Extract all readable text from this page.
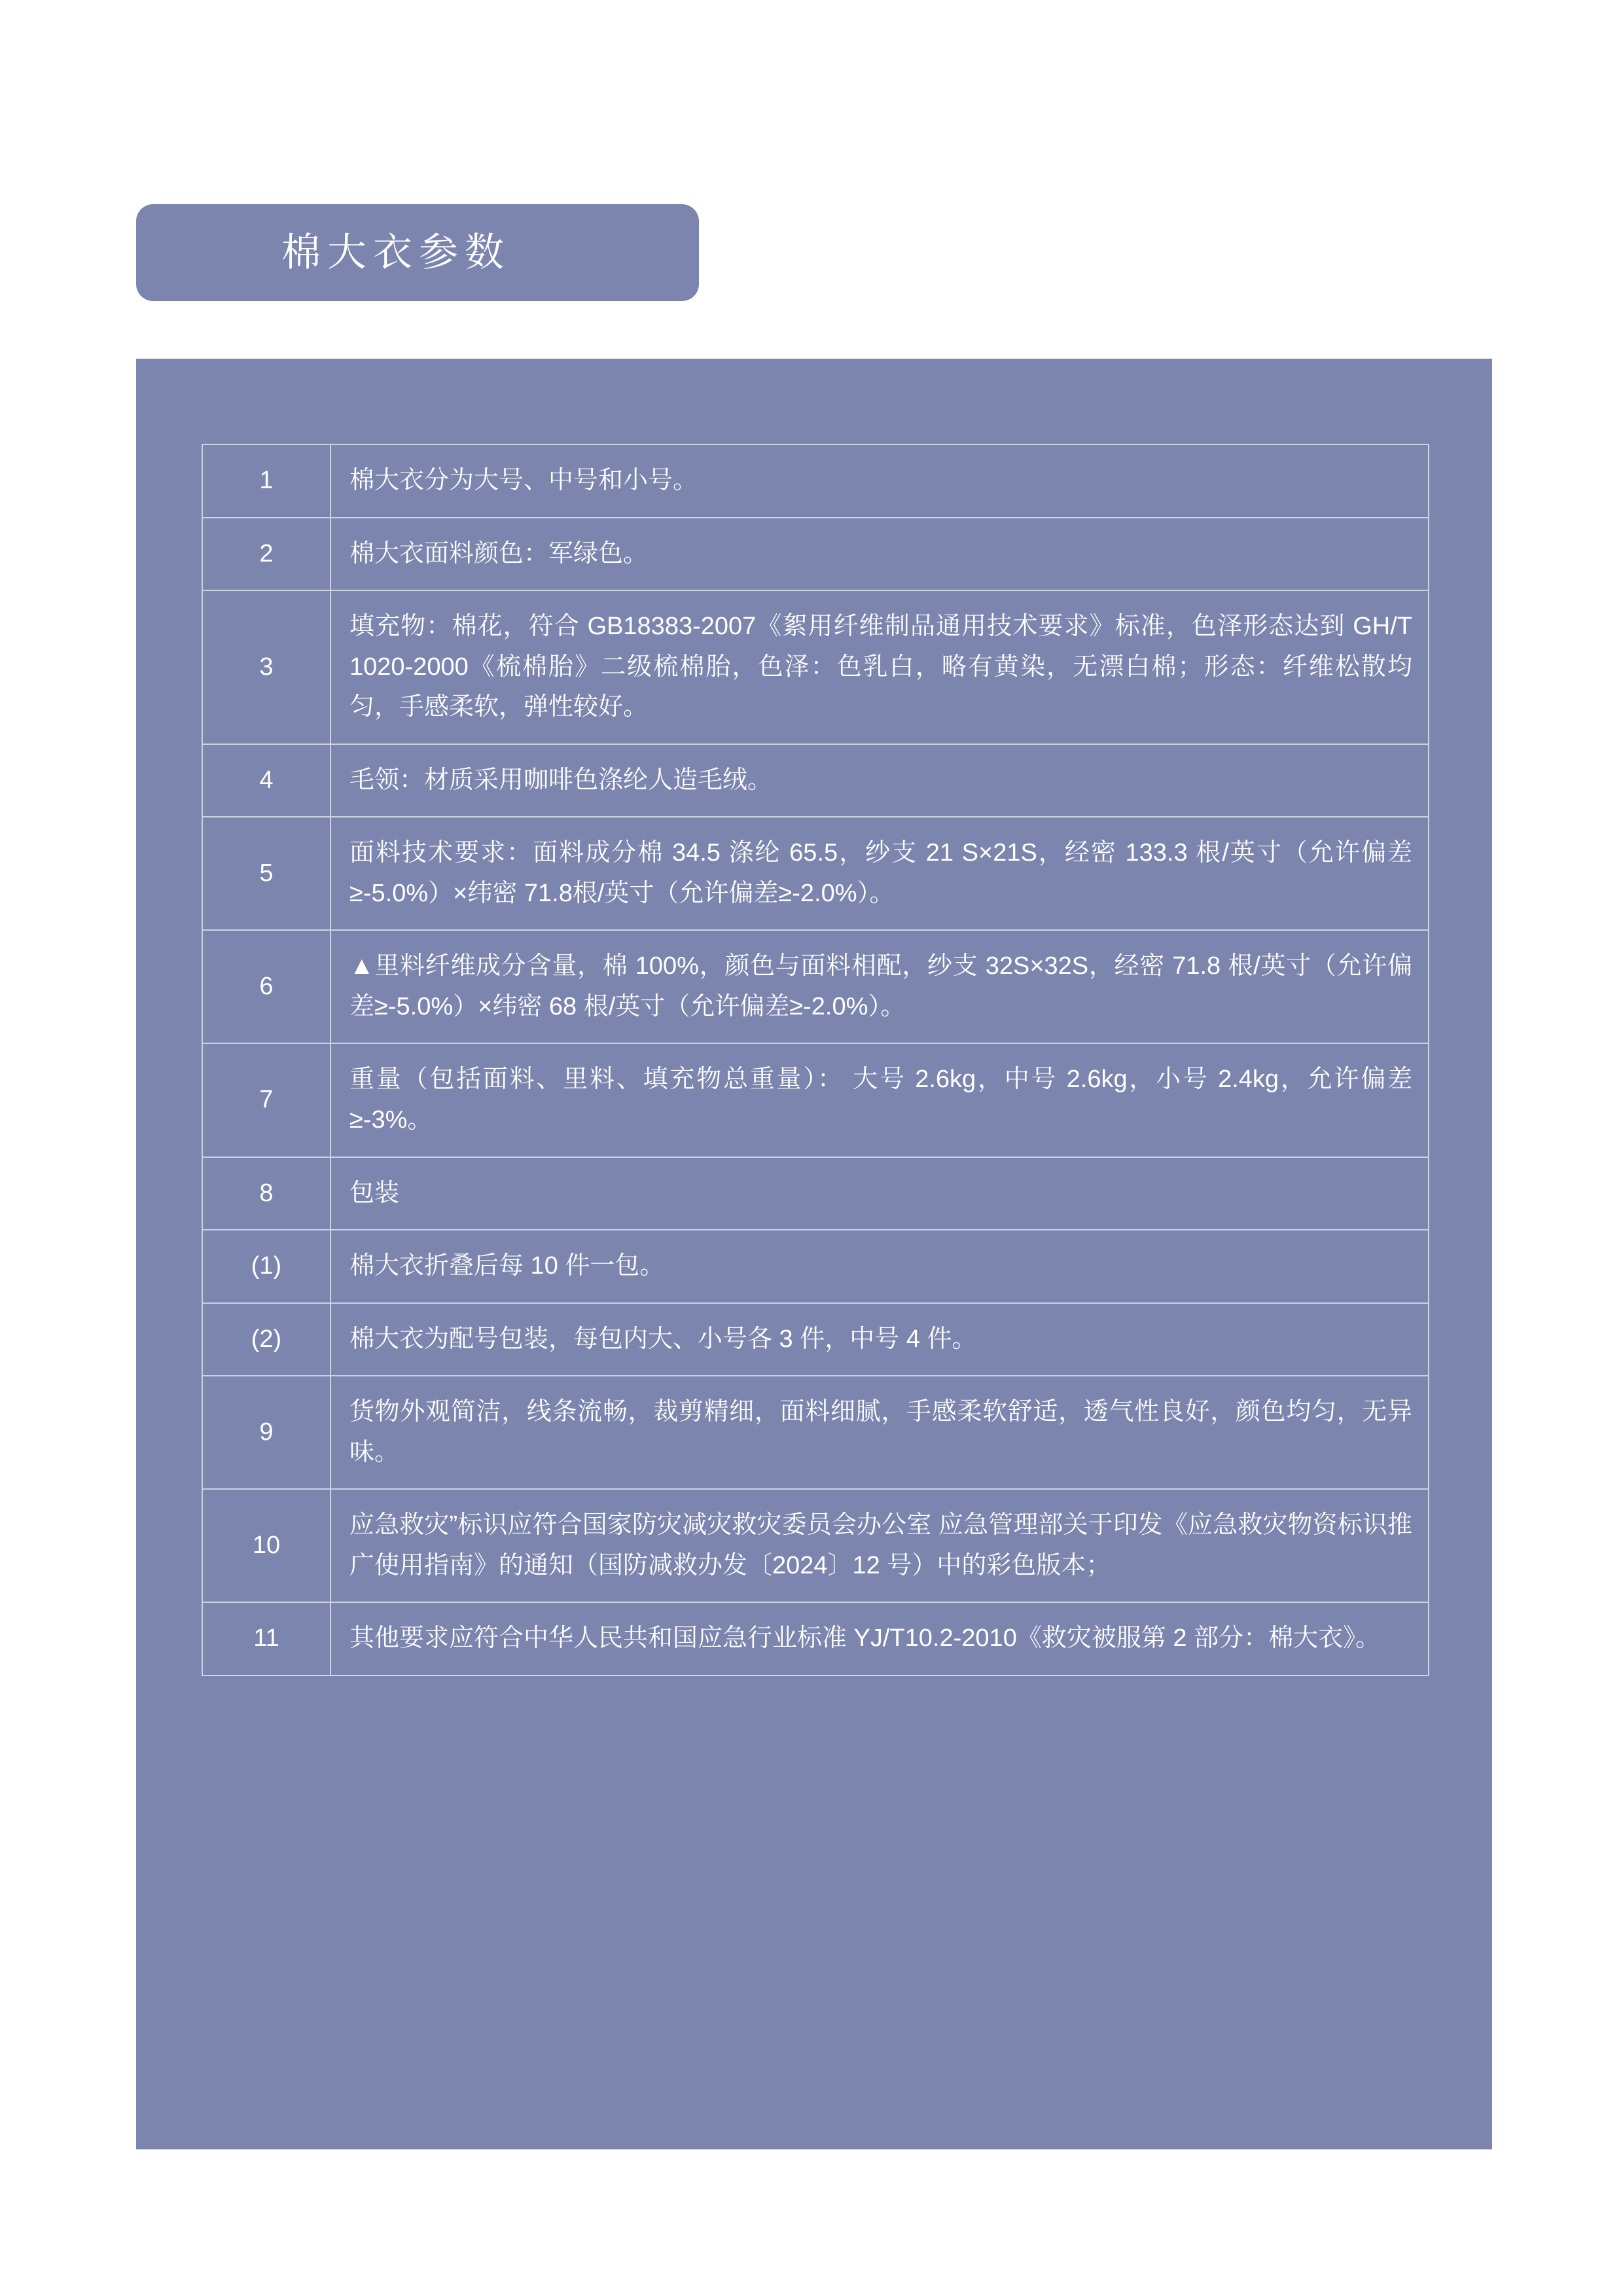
棉大衣参数
1	棉大衣分为大号、中号和小号。
2	棉大衣面料颜色：军绿色。
3	填充物：棉花，符合 GB18383-2007《絮用纤维制品通用技术要求》标准，色泽形态达到 GH/T 1020-2000《梳棉胎》二级梳棉胎，色泽：色乳白，略有黄染，无漂白棉；形态：纤维松散均匀，手感柔软，弹性较好。
4	毛领：材质采用咖啡色涤纶人造毛绒。
5	面料技术要求：面料成分棉 34.5 涤纶 65.5，纱支 21 S×21S，经密 133.3 根/英寸（允许偏差≥-5.0%）×纬密 71.8根/英寸（允许偏差≥-2.0%）。
6	▲里料纤维成分含量，棉 100%，颜色与面料相配，纱支 32S×32S，经密 71.8 根/英寸（允许偏差≥-5.0%）×纬密 68 根/英寸（允许偏差≥-2.0%）。
7	重量（包括面料、里料、填充物总重量）： 大号 2.6kg，中号 2.6kg，小号 2.4kg，允许偏差≥-3%。
8	包装
(1)	棉大衣折叠后每 10 件一包。
(2)	棉大衣为配号包装，每包内大、小号各 3 件，中号 4 件。
9	货物外观简洁，线条流畅，裁剪精细，面料细腻，手感柔软舒适，透气性良好，颜色均匀，无异味。
10	应急救灾”标识应符合国家防灾减灾救灾委员会办公室 应急管理部关于印发《应急救灾物资标识推广使用指南》的通知（国防减救办发〔2024〕12 号）中的彩色版本；
11	其他要求应符合中华人民共和国应急行业标准 YJ/T10.2-2010《救灾被服第 2 部分：棉大衣》。
